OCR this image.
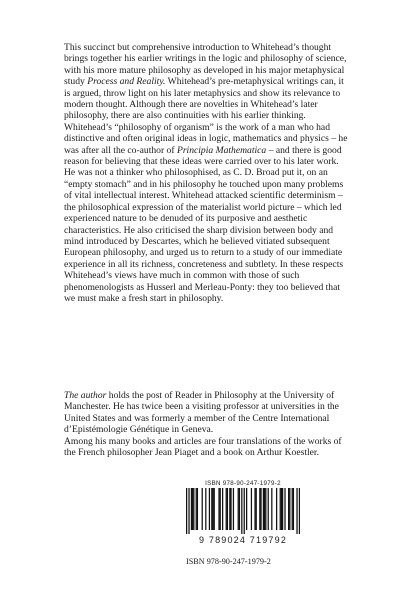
This succinct but comprehensive introduction to Whitehead’s thought brings together his earlier writings in the logic and philosophy of science, with his more mature philosophy as developed in his major metaphysical study Process and Reality. Whitehead’s pre-metaphysical writings can, it is argued, throw light on his later metaphysics and show its relevance to modern thought. Although there are novelties in Whitehead’s later philosophy, there are also continuities with his earlier thinking. Whitehead’s “philosophy of organism” is the work of a man who had distinctive and often original ideas in logic, mathematics and physics – he was after all the co-author of Principia Mathematica – and there is good reason for believing that these ideas were carried over to his later work. He was not a thinker who philosophised, as C. D. Broad put it, on an “empty stomach” and in his philosophy he touched upon many problems of vital intellectual interest. Whitehead attacked scientific determinism – the philosophical expression of the materialist world picture – which led experienced nature to be denuded of its purposive and aesthetic characteristics. He also criticised the sharp division between body and mind introduced by Descartes, which he believed vitiated subsequent European philosophy, and urged us to return to a study of our immediate experience in all its richness, concreteness and subtlety. In these respects Whitehead’s views have much in common with those of such phenomenologists as Husserl and Merleau-Ponty: they too believed that we must make a fresh start in philosophy.

The author holds the post of Reader in Philosophy at the University of Manchester. He has twice been a visiting professor at universities in the United States and was formerly a member of the Centre International d’Epistémologie Génétique in Geneva.

Among his many books and articles are four translations of the works of the French philosopher Jean Piaget and a book on Arthur Koestler.

ISBN 978-90-247-1979-2
9 789024 719792
ISBN 978-90-247-1979-2
